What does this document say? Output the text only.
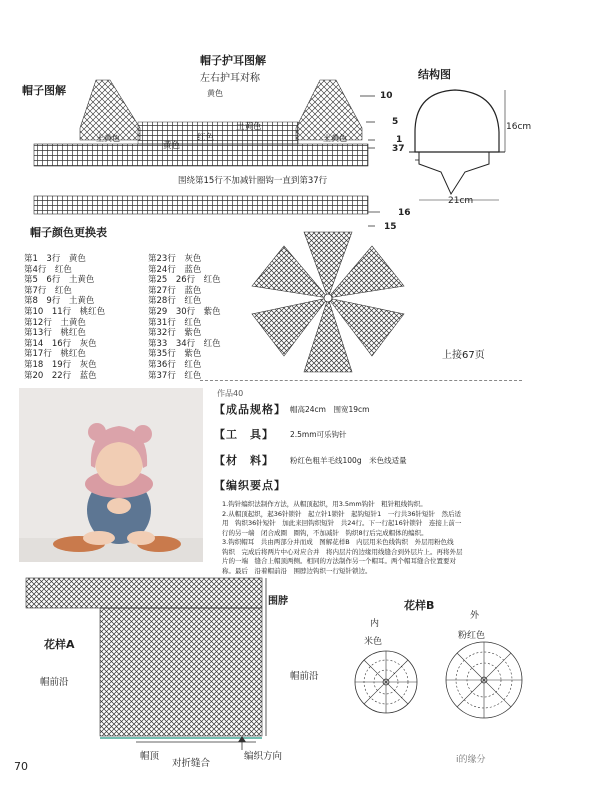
帽子图解
帽子护耳图解
左右护耳对称	结构图
黄色
土黄色
红色
黄色
土黄色	土黄色
10
5
1
37
16
15
围绕第15行不加减针圈钩一直到第37行
16cm
21cm
帽子颜色更换表
第1　3行　黄色
第4行　红色
第5　6行　土黄色
第7行　红色
第8　9行　土黄色
第10　11行　桃红色
第12行　土黄色
第13行　桃红色
第14　16行　灰色
第17行　桃红色
第18　19行　灰色
第20　22行　蓝色
第23行　灰色
第24行　蓝色
第25　26行　红色
第27行　蓝色
第28行　红色
第29　30行　紫色
第31行　红色
第32行　紫色
第33　34行　红色
第35行　紫色
第36行　红色
第37行　红色
上接67页
作品40
【成品规格】 帽高24cm　围宽19cm
【工　具】 2.5mm可乐钩针
【材　料】 粉红色粗羊毛线100g　米色线适量
【编织要点】
1.钩针编织法制作方法，从帽顶起织，用3.5mm钩针　粗针粗线钩织。
2.从帽顶起织，起36针锁针　起立针1锁针　起钩短针1　一行共36针短针　然后适
用　钩织36针短针　加此来回钩织短针　共24行。下一行起16针锁针　连接上前一
行的另一端　闭合成圈　圈钩，不加减针　钩织8行后完成帽体的编织。
3.钩织帽耳　共由两部分并而成　图解花样B　内层用米色线钩织　外层用粉色线
钩织　完成后将两片中心对应合并　将内层片的边缘用线缝合到外层片上。再将外层
片的一端　缝合上帽顶两侧。相同的方法制作另一个帽耳。两个帽耳缝合位置要对
称。最后　沿着帽前沿　围脖边钩织一行短针锁边。
围脖
花样A
帽前沿
帽前沿
帽顶
对折缝合
编织方向
花样B
内
米色
外
粉红色
70	i的缘分
